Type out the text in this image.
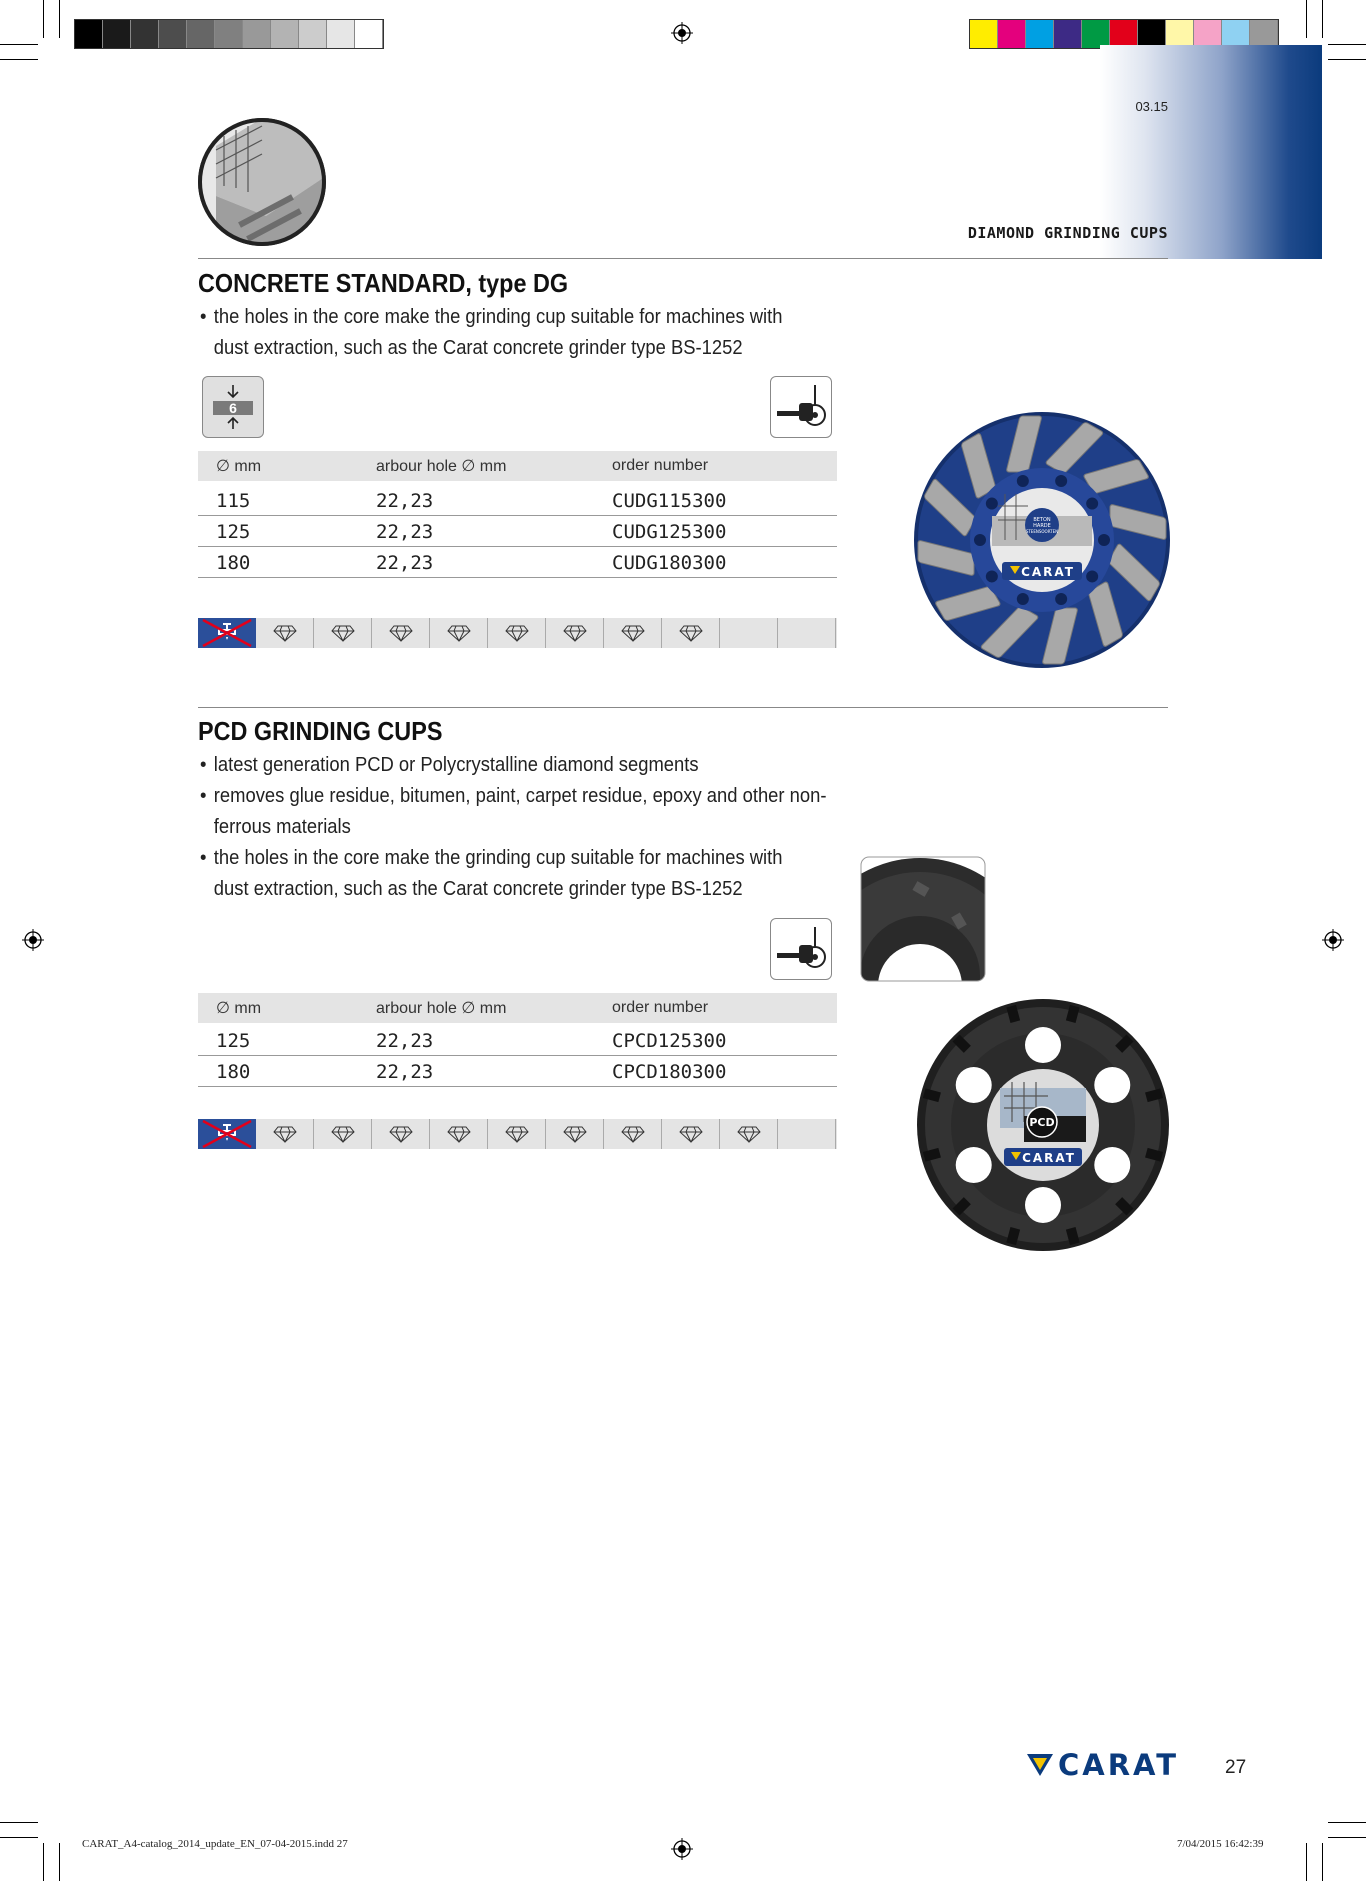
03.15
DIAMOND GRINDING CUPS
CONCRETE STANDARD, type DG
• the holes in the core make the grinding cup suitable for machines with
dust extraction, such as the Carat concrete grinder type BS-1252
6
∅ mm	arbour hole ∅ mm	order number
115	22,23	CUDG115300
125	22,23	CUDG125300
180	22,23	CUDG180300
BETON
HARDE
STEENSOORTEN
CARAT
PCD GRINDING CUPS
• latest generation PCD or Polycrystalline diamond segments
• removes glue residue, bitumen, paint, carpet residue, epoxy and other non-
ferrous materials
• the holes in the core make the grinding cup suitable for machines with
dust extraction, such as the Carat concrete grinder type BS-1252
∅ mm	arbour hole ∅ mm	order number
125	22,23	CPCD125300
180	22,23	CPCD180300
PCD
CARAT
CARAT 27
CARAT_A4-catalog_2014_update_EN_07-04-2015.indd 27	7/04/2015 16:42:39
